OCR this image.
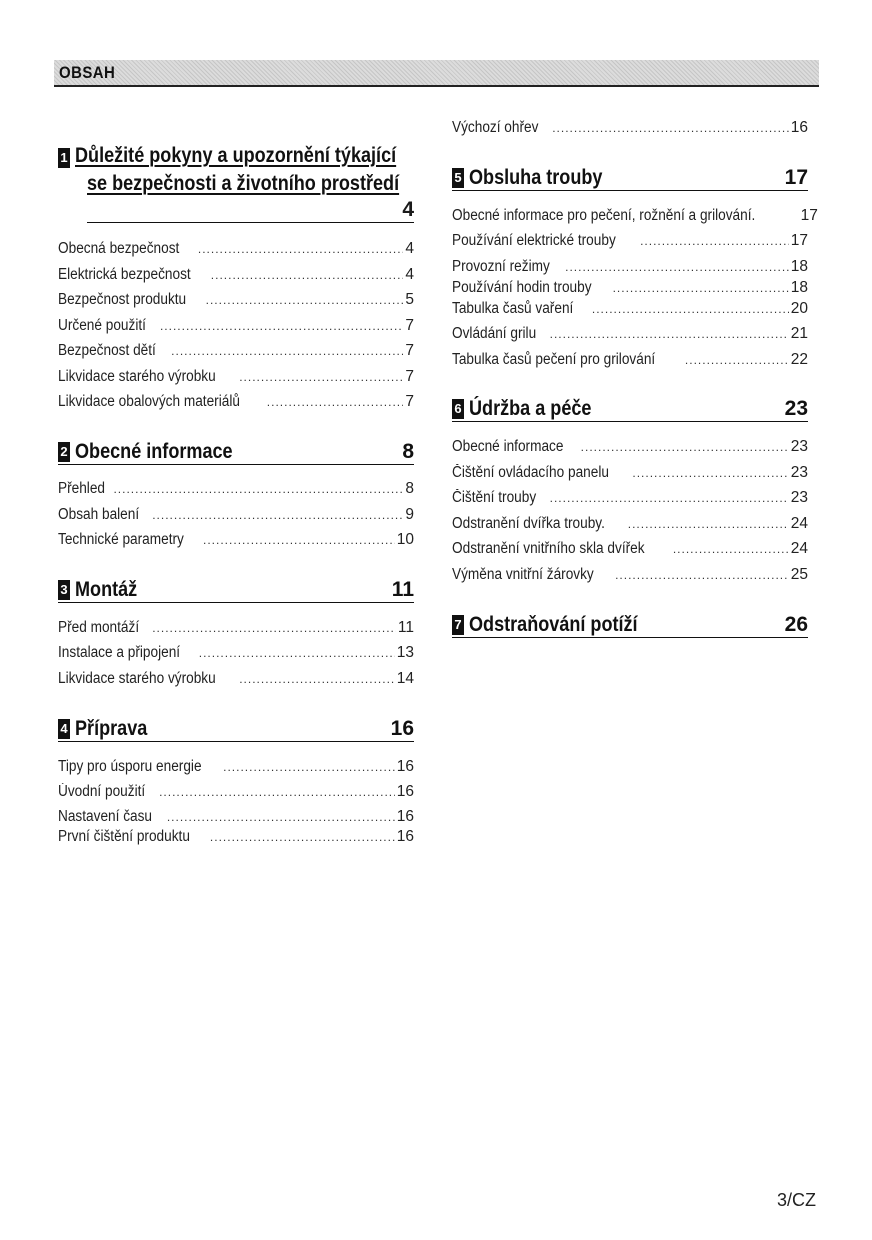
OBSAH
1 Důležité pokyny a upozornění týkající
se bezpečnosti a životního prostředí
4
Obecná bezpečnost .....	4
Elektrická bezpečnost .....	4
Bezpečnost produktu .....	5
Určené použití .....	7
Bezpečnost dětí .....	7
Likvidace starého výrobku .....	7
Likvidace obalových materiálů .....	7
2 Obecné informace	8
Přehled .....	8
Obsah balení .....	9
Technické parametry .....	10
3 Montáž	11
Před montáží .....	11
Instalace a připojení .....	13
Likvidace starého výrobku .....	14
4 Příprava	16
Tipy pro úsporu energie .....	16
Úvodní použití .....	16
Nastavení času .....	16
První čištění produktu .....	16
Výchozí ohřev .....	16
5 Obsluha trouby	17
Obecné informace pro pečení, rožnění a grilování.	17
Používání elektrické trouby .....	17
Provozní režimy .....	18
Používání hodin trouby .....	18
Tabulka časů vaření .....	20
Ovládání grilu .....	21
Tabulka časů pečení pro grilování .....	22
6 Údržba a péče	23
Obecné informace .....	23
Čištění ovládacího panelu .....	23
Čištění trouby .....	23
Odstranění dvířka trouby. .....	24
Odstranění vnitřního skla dvířek .....	24
Výměna vnitřní žárovky .....	25
7 Odstraňování potíží	26
3/CZ
